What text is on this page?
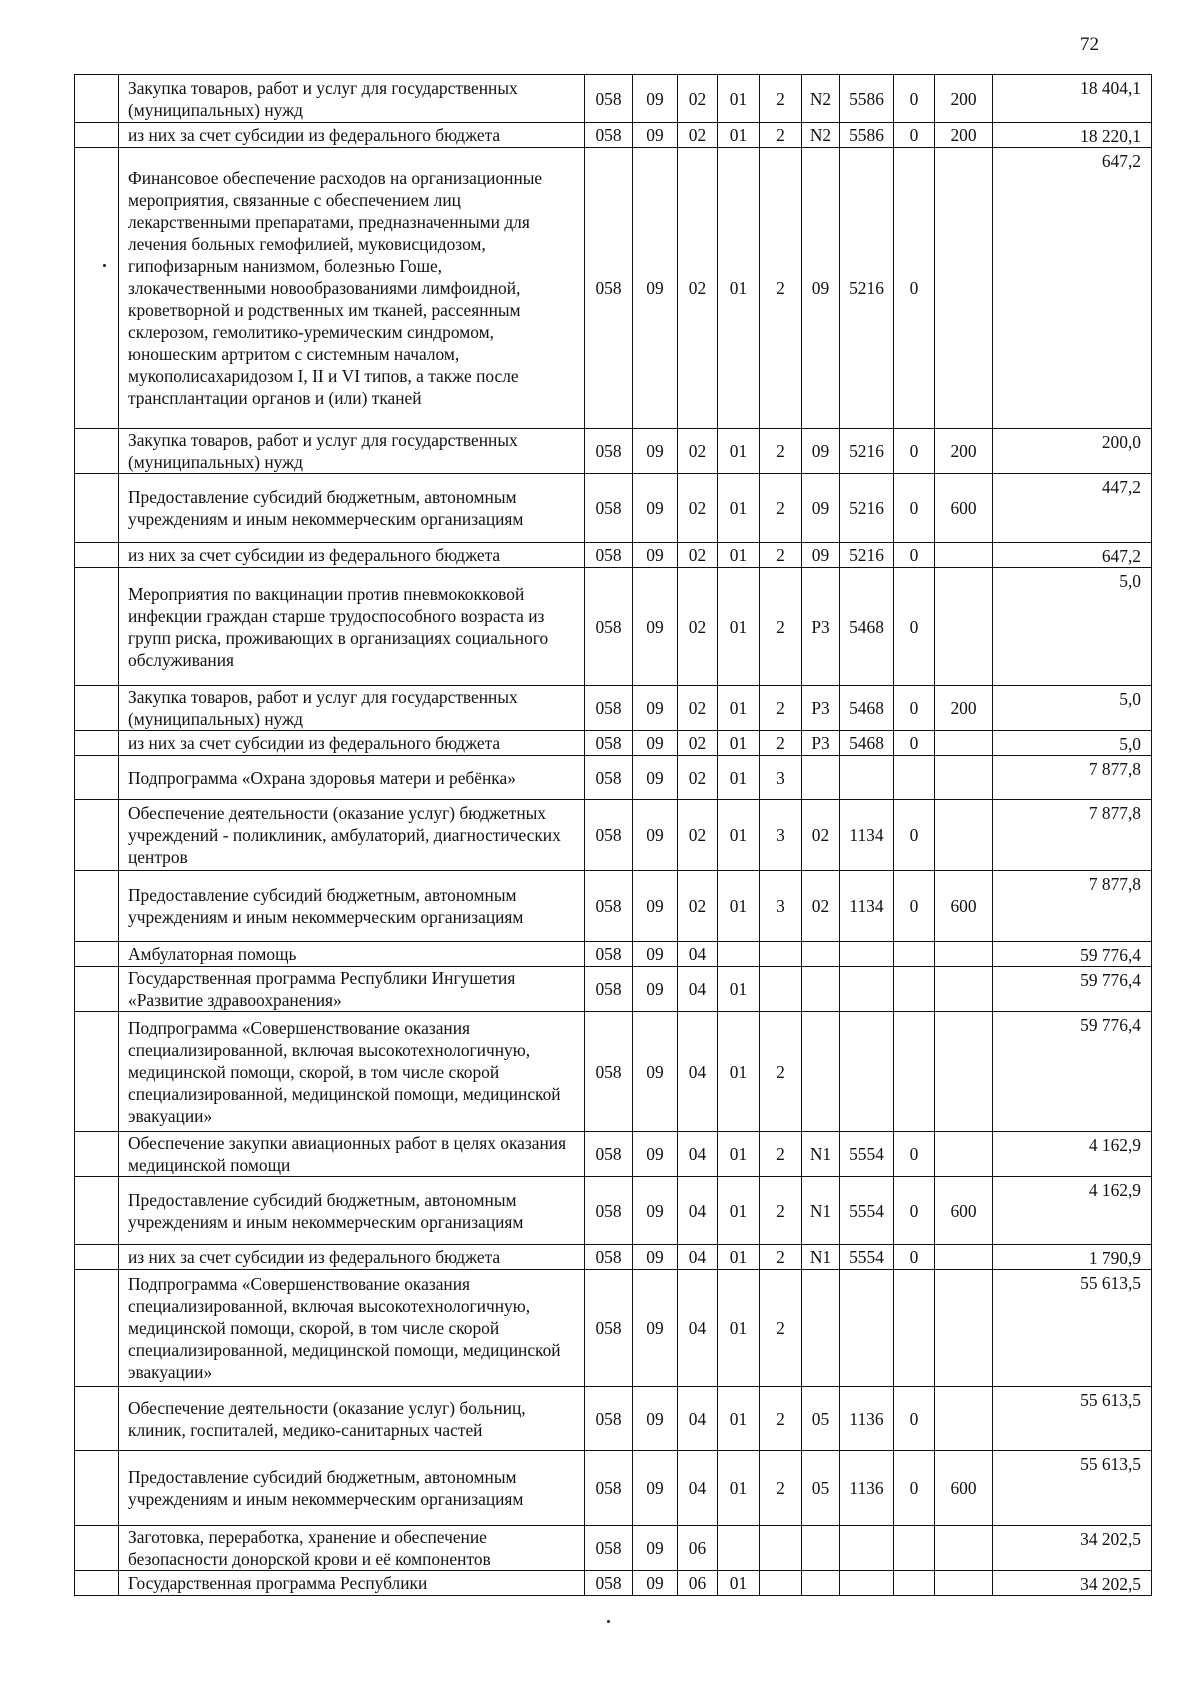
72
	Закупка товаров, работ и услуг для государственных (муниципальных) нужд	058	09	02	01	2	N2	5586	0	200	18 404,1
	из них за счет субсидии из федерального бюджета	058	09	02	01	2	N2	5586	0	200	18 220,1
	Финансовое обеспечение расходов на организационные мероприятия, связанные с обеспечением лиц лекарственными препаратами, предназначенными для лечения больных гемофилией, муковисцидозом, гипофизарным нанизмом, болезнью Гоше, злокачественными новообразованиями лимфоидной, кроветворной и родственных им тканей, рассеянным склерозом, гемолитико-уремическим синдромом, юношеским артритом с системным началом, мукополисахаридозом I, II и VI типов, а также после трансплантации органов и (или) тканей	058	09	02	01	2	09	5216	0		647,2
	Закупка товаров, работ и услуг для государственных (муниципальных) нужд	058	09	02	01	2	09	5216	0	200	200,0
	Предоставление субсидий бюджетным, автономным учреждениям и иным некоммерческим организациям	058	09	02	01	2	09	5216	0	600	447,2
	из них за счет субсидии из федерального бюджета	058	09	02	01	2	09	5216	0		647,2
	Мероприятия по вакцинации против пневмококковой инфекции граждан старше трудоспособного возраста из групп риска, проживающих в организациях социального обслуживания	058	09	02	01	2	P3	5468	0		5,0
	Закупка товаров, работ и услуг для государственных (муниципальных) нужд	058	09	02	01	2	P3	5468	0	200	5,0
	из них за счет субсидии из федерального бюджета	058	09	02	01	2	P3	5468	0		5,0
	Подпрограмма «Охрана здоровья матери и ребёнка»	058	09	02	01	3					7 877,8
	Обеспечение деятельности (оказание услуг) бюджетных учреждений - поликлиник, амбулаторий, диагностических центров	058	09	02	01	3	02	1134	0		7 877,8
	Предоставление субсидий бюджетным, автономным учреждениям и иным некоммерческим организациям	058	09	02	01	3	02	1134	0	600	7 877,8
	Амбулаторная помощь	058	09	04							59 776,4
	Государственная программа Республики Ингушетия «Развитие здравоохранения»	058	09	04	01						59 776,4
	Подпрограмма «Совершенствование оказания специализированной, включая высокотехнологичную, медицинской помощи, скорой, в том числе скорой специализированной, медицинской помощи, медицинской эвакуации»	058	09	04	01	2					59 776,4
	Обеспечение закупки авиационных работ в целях оказания медицинской помощи	058	09	04	01	2	N1	5554	0		4 162,9
	Предоставление субсидий бюджетным, автономным учреждениям и иным некоммерческим организациям	058	09	04	01	2	N1	5554	0	600	4 162,9
	из них за счет субсидии из федерального бюджета	058	09	04	01	2	N1	5554	0		1 790,9
	Подпрограмма «Совершенствование оказания специализированной, включая высокотехнологичную, медицинской помощи, скорой, в том числе скорой специализированной, медицинской помощи, медицинской эвакуации»	058	09	04	01	2					55 613,5
	Обеспечение деятельности (оказание услуг) больниц, клиник, госпиталей, медико-санитарных частей	058	09	04	01	2	05	1136	0		55 613,5
	Предоставление субсидий бюджетным, автономным учреждениям и иным некоммерческим организациям	058	09	04	01	2	05	1136	0	600	55 613,5
	Заготовка, переработка, хранение и обеспечение безопасности донорской крови и её компонентов	058	09	06							34 202,5
	Государственная программа Республики	058	09	06	01						34 202,5
